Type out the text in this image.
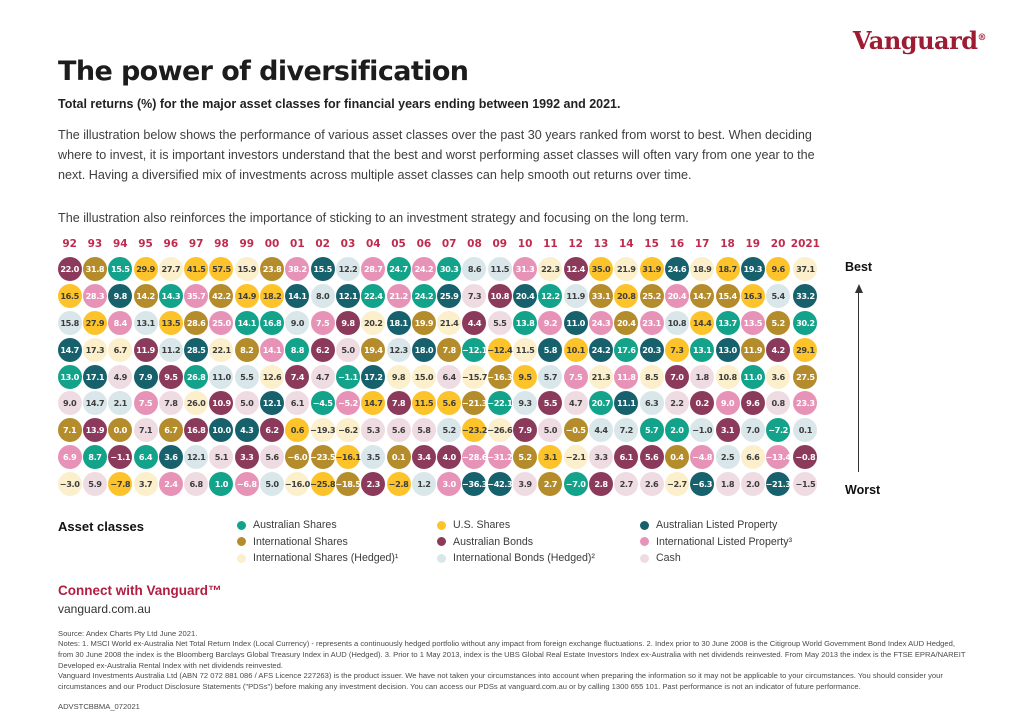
Vanguard®
The power of diversification
Total returns (%) for the major asset classes for financial years ending between 1992 and 2021.

The illustration below shows the performance of various asset classes over the past 30 years ranked from worst to best. When deciding where to invest, it is important investors understand that the best and worst performing asset classes will often vary from one year to the next. Having a diversified mix of investments across multiple asset classes can help smooth out returns over time.

The illustration also reinforces the importance of sticking to an investment strategy and focusing on the long term.

92
22.0
16.5
15.8
14.7
13.0
9.0
7.1
6.9
−3.0
93
31.8
28.3
27.9
17.3
17.1
14.7
13.9
8.7
5.9
94
15.5
9.8
8.4
6.7
4.9
2.1
0.0
−1.1
−7.8
95
29.9
14.2
13.1
11.9
7.9
7.5
7.1
6.4
3.7
96
27.7
14.3
13.5
11.2
9.5
7.8
6.7
3.6
2.4
97
41.5
35.7
28.6
28.5
26.8
26.0
16.8
12.1
6.8
98
57.5
42.2
25.0
22.1
11.0
10.9
10.0
5.1
1.0
99
15.9
14.9
14.1
8.2
5.5
5.0
4.3
3.3
−6.8
00
23.8
18.2
16.8
14.1
12.6
12.1
6.2
5.6
5.0
01
38.2
14.1
9.0
8.8
7.4
6.1
0.6
−6.0
−16.0
02
15.5
8.0
7.5
6.2
4.7
−4.5
−19.3
−23.5
−25.8
03
12.2
12.1
9.8
5.0
−1.1
−5.2
−6.2
−16.1
−18.5
04
28.7
22.4
20.2
19.4
17.2
14.7
5.3
3.5
2.3
05
24.7
21.2
18.1
12.3
9.8
7.8
5.6
0.1
−2.8
06
24.2
24.2
19.9
18.0
15.0
11.5
5.8
3.4
1.2
07
30.3
25.9
21.4
7.8
6.4
5.6
5.2
4.0
3.0
08
8.6
7.3
4.4
−12.1
−15.7
−21.3
−23.2
−28.6
−36.3
09
11.5
10.8
5.5
−12.4
−16.3
−22.1
−26.6
−31.2
−42.3
10
31.3
20.4
13.8
11.5
9.5
9.3
7.9
5.2
3.9
11
22.3
12.2
9.2
5.8
5.7
5.5
5.0
3.1
2.7
12
12.4
11.9
11.0
10.1
7.5
4.7
−0.5
−2.1
−7.0
13
35.0
33.1
24.3
24.2
21.3
20.7
4.4
3.3
2.8
14
21.9
20.8
20.4
17.6
11.8
11.1
7.2
6.1
2.7
15
31.9
25.2
23.1
20.3
8.5
6.3
5.7
5.6
2.6
16
24.6
20.4
10.8
7.3
7.0
2.2
2.0
0.4
−2.7
17
18.9
14.7
14.4
13.1
1.8
0.2
−1.0
−4.8
−6.3
18
18.7
15.4
13.7
13.0
10.8
9.0
3.1
2.5
1.8
19
19.3
16.3
13.5
11.9
11.0
9.6
7.0
6.6
2.0
20
9.6
5.4
5.2
4.2
3.6
0.8
−7.2
−13.4
−21.3
2021
37.1
33.2
30.2
29.1
27.5
23.3
0.1
−0.8
−1.5
Best
Worst
Asset classes	Australian Shares
International Shares
International Shares (Hedged)¹
U.S. Shares
Australian Bonds
International Bonds (Hedged)²
Australian Listed Property
International Listed Property³
Cash
Connect with Vanguard™
vanguard.com.au
Source: Andex Charts Pty Ltd June 2021.
Notes: 1. MSCI World ex-Australia Net Total Return Index (Local Currency) - represents a continuously hedged portfolio without any impact from foreign exchange fluctuations. 2. Index prior to 30 June 2008 is the Citigroup World Government Bond Index AUD Hedged, from 30 June 2008 the index is the Bloomberg Barclays Global Treasury Index in AUD (Hedged). 3. Prior to 1 May 2013, index is the UBS Global Real Estate Investors Index ex-Australia with net dividends reinvested. From May 2013 the index is the FTSE EPRA/NAREIT Developed ex-Australia Rental Index with net dividends reinvested.
Vanguard Investments Australia Ltd (ABN 72 072 881 086 / AFS Licence 227263) is the product issuer. We have not taken your circumstances into account when preparing the information so it may not be applicable to your circumstances. You should consider your circumstances and our Product Disclosure Statements ("PDSs") before making any investment decision. You can access our PDSs at vanguard.com.au or by calling 1300 655 101. Past performance is not an indicator of future performance.
ADVSTCBBMA_072021
